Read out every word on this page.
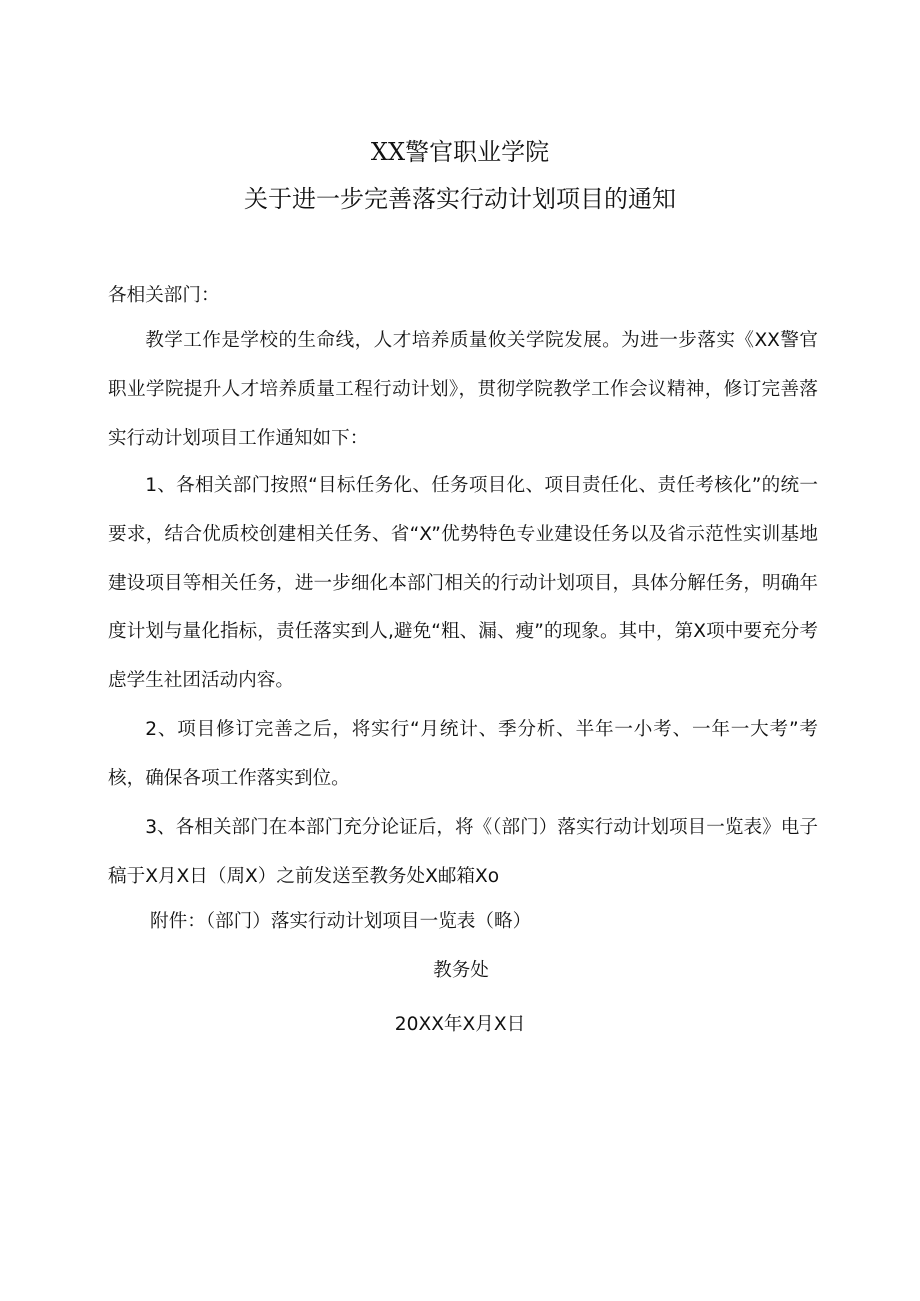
XX警官职业学院
关于进一步完善落实行动计划项目的通知
各相关部门：
教学工作是学校的生命线，人才培养质量攸关学院发展。为进一步落实《XX警官职业学院提升人才培养质量工程行动计划》，贯彻学院教学工作会议精神，修订完善落实行动计划项目工作通知如下：
1、各相关部门按照“目标任务化、任务项目化、项目责任化、责任考核化”的统一要求，结合优质校创建相关任务、省“X”优势特色专业建设任务以及省示范性实训基地建设项目等相关任务，进一步细化本部门相关的行动计划项目，具体分解任务，明确年度计划与量化指标，责任落实到人,避免“粗、漏、瘦”的现象。其中，第X项中要充分考虑学生社团活动内容。
2、项目修订完善之后，将实行“月统计、季分析、半年一小考、一年一大考”考核，确保各项工作落实到位。
3、各相关部门在本部门充分论证后，将《（部门）落实行动计划项目一览表》电子稿于X月X日（周X）之前发送至教务处X邮箱Xo
附件：（部门）落实行动计划项目一览表（略）
教务处
20XX年X月X日
